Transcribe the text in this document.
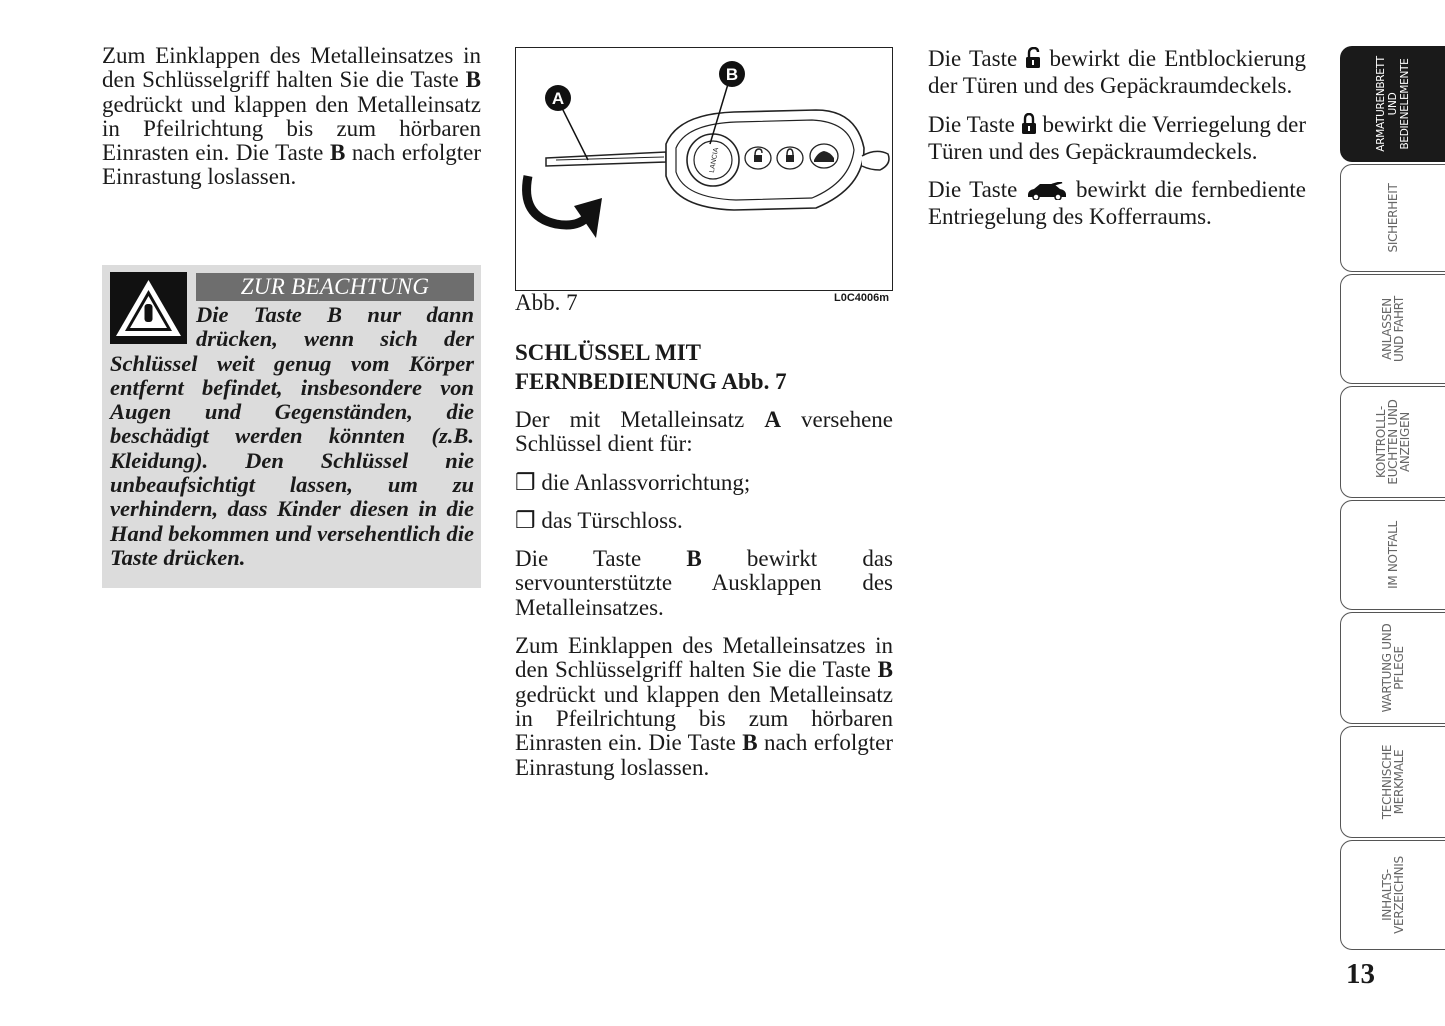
Zum Einklappen des Metalleinsatzes in den Schlüsselgriff halten Sie die Taste B gedrückt und klappen den Metalleinsatz in Pfeilrichtung bis zum hörbaren Einrasten ein. Die Taste B nach erfolgter Einrastung loslassen.

ZUR BEACHTUNG
Die Taste B nur dann drücken, wenn sich der Schlüssel weit genug vom Körper entfernt befindet, insbesondere von Augen und Gegenständen, die beschädigt werden könnten (z.B. Kleidung). Den Schlüssel nie unbeaufsichtigt lassen, um zu verhindern, dass Kinder diesen in die Hand bekommen und versehentlich die Taste drücken.
LANCIA
A
B
Abb. 7	L0C4006m
SCHLÜSSEL MIT FERNBEDIENUNG Abb. 7

Der mit Metalleinsatz A versehene Schlüssel dient für:

❒ die Anlassvorrichtung;

❒ das Türschloss.

Die Taste B bewirkt das servounterstützte Ausklappen des Metalleinsatzes.

Zum Einklappen des Metalleinsatzes in den Schlüsselgriff halten Sie die Taste B gedrückt und klappen den Metalleinsatz in Pfeilrichtung bis zum hörbaren Einrasten ein. Die Taste B nach erfolgter Einrastung loslassen.

Die Taste  bewirkt die Entblockierung der Türen und des Gepäckraumdeckels.

Die Taste  bewirkt die Verriegelung der Türen und des Gepäckraumdeckels.

Die Taste  bewirkt die fernbediente Entriegelung des Kofferraums.

ARMATURENBRETT
UND
BEDIENELEMENTE
SICHERHEIT
ANLASSEN
UND FAHRT
KONTROLLL-
EUCHTEN UND
ANZEIGEN
IM NOTFALL
WARTUNG UND
PFLEGE
TECHNISCHE
MERKMALE
INHALTS-
VERZEICHNIS
13
